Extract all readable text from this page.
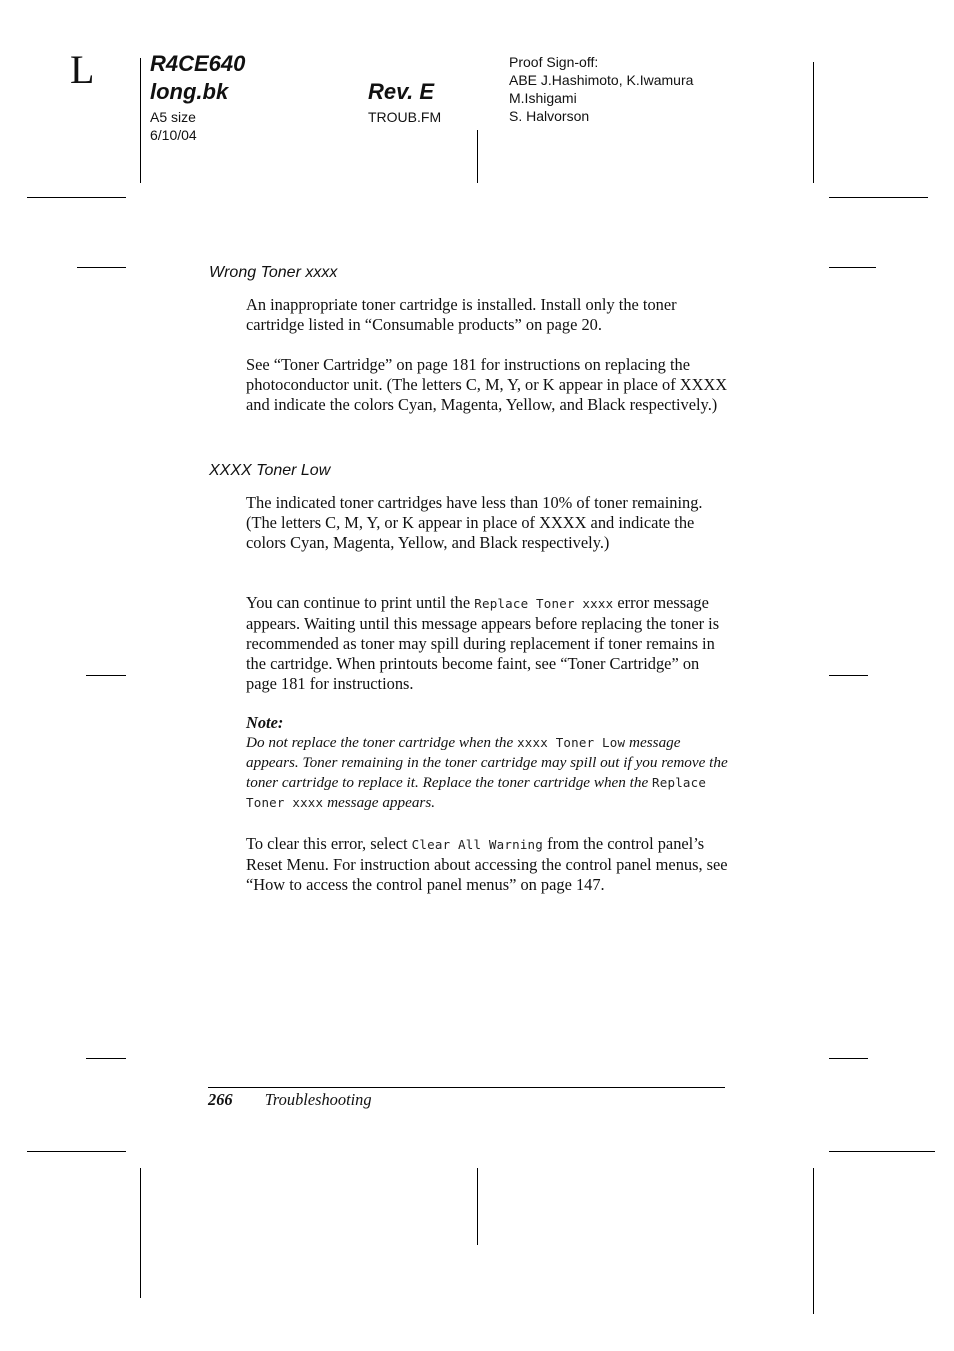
L	R4CE640
long.bk
A5 size
6/10/04
Rev. E
TROUB.FM
Proof Sign-off:
ABE J.Hashimoto, K.Iwamura
M.Ishigami
S. Halvorson
Wrong Toner xxxx
An inappropriate toner cartridge is installed. Install only the toner cartridge listed in “Consumable products” on page 20.
See “Toner Cartridge” on page 181 for instructions on replacing the photoconductor unit. (The letters C, M, Y, or K appear in place of XXXX and indicate the colors Cyan, Magenta, Yellow, and Black respectively.)
XXXX Toner Low
The indicated toner cartridges have less than 10% of toner remaining. (The letters C, M, Y, or K appear in place of XXXX and indicate the colors Cyan, Magenta, Yellow, and Black respectively.)
You can continue to print until the Replace Toner xxxx error message appears. Waiting until this message appears before replacing the toner is recommended as toner may spill during replacement if toner remains in the cartridge. When printouts become faint, see “Toner Cartridge” on page 181 for instructions.
Note:
Do not replace the toner cartridge when the xxxx Toner Low message appears. Toner remaining in the toner cartridge may spill out if you remove the toner cartridge to replace it. Replace the toner cartridge when the Replace Toner xxxx message appears.
To clear this error, select Clear All Warning from the control panel’s Reset Menu. For instruction about accessing the control panel menus, see “How to access the control panel menus” on page 147.
266 Troubleshooting
